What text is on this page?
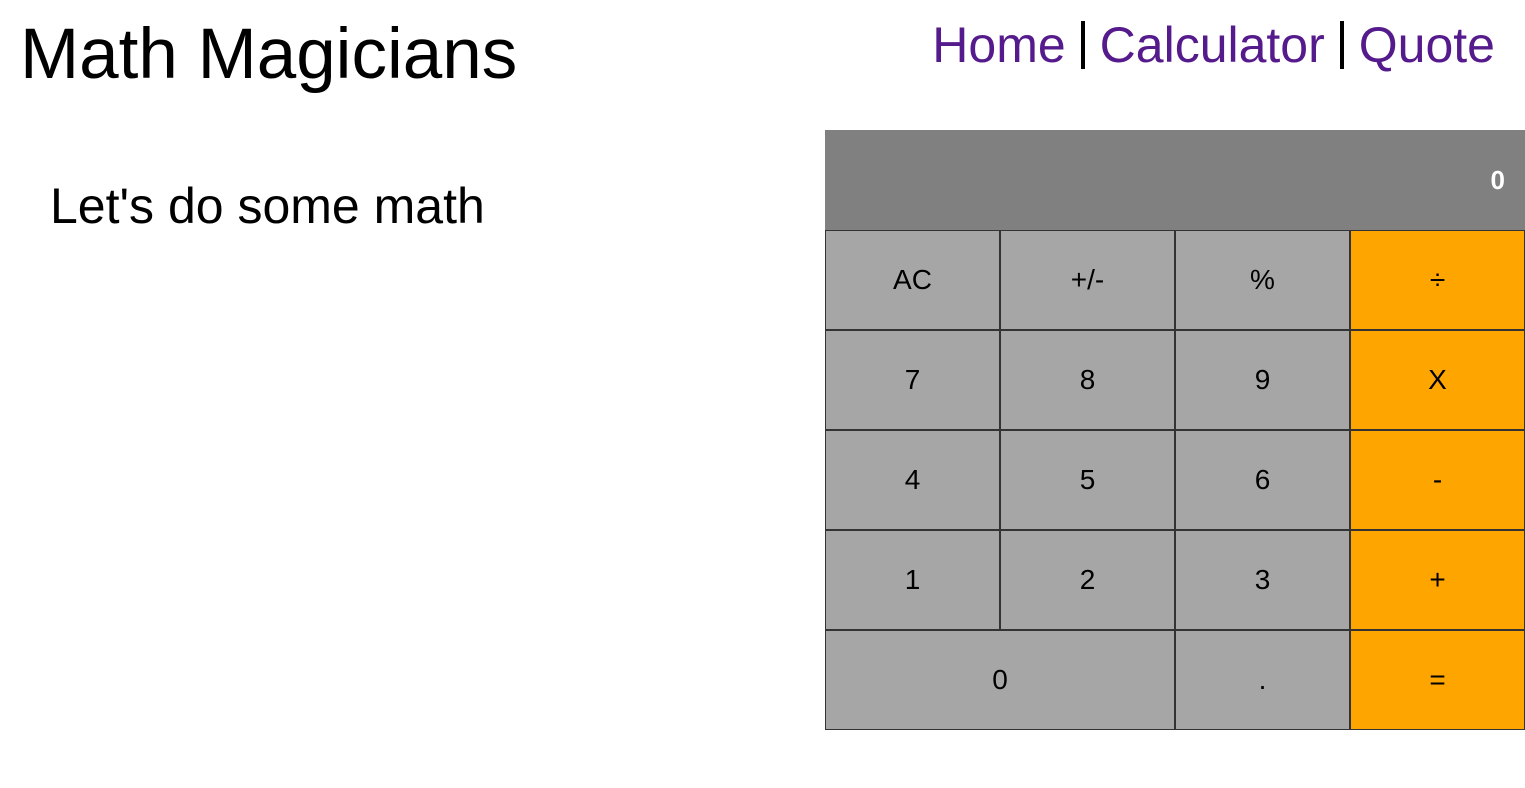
Math Magicians	Home Calculator Quote
Let's do some math	0
AC	+/-	%	÷
7	8	9	X
4	5	6	-
1	2	3	+
0	.	=
